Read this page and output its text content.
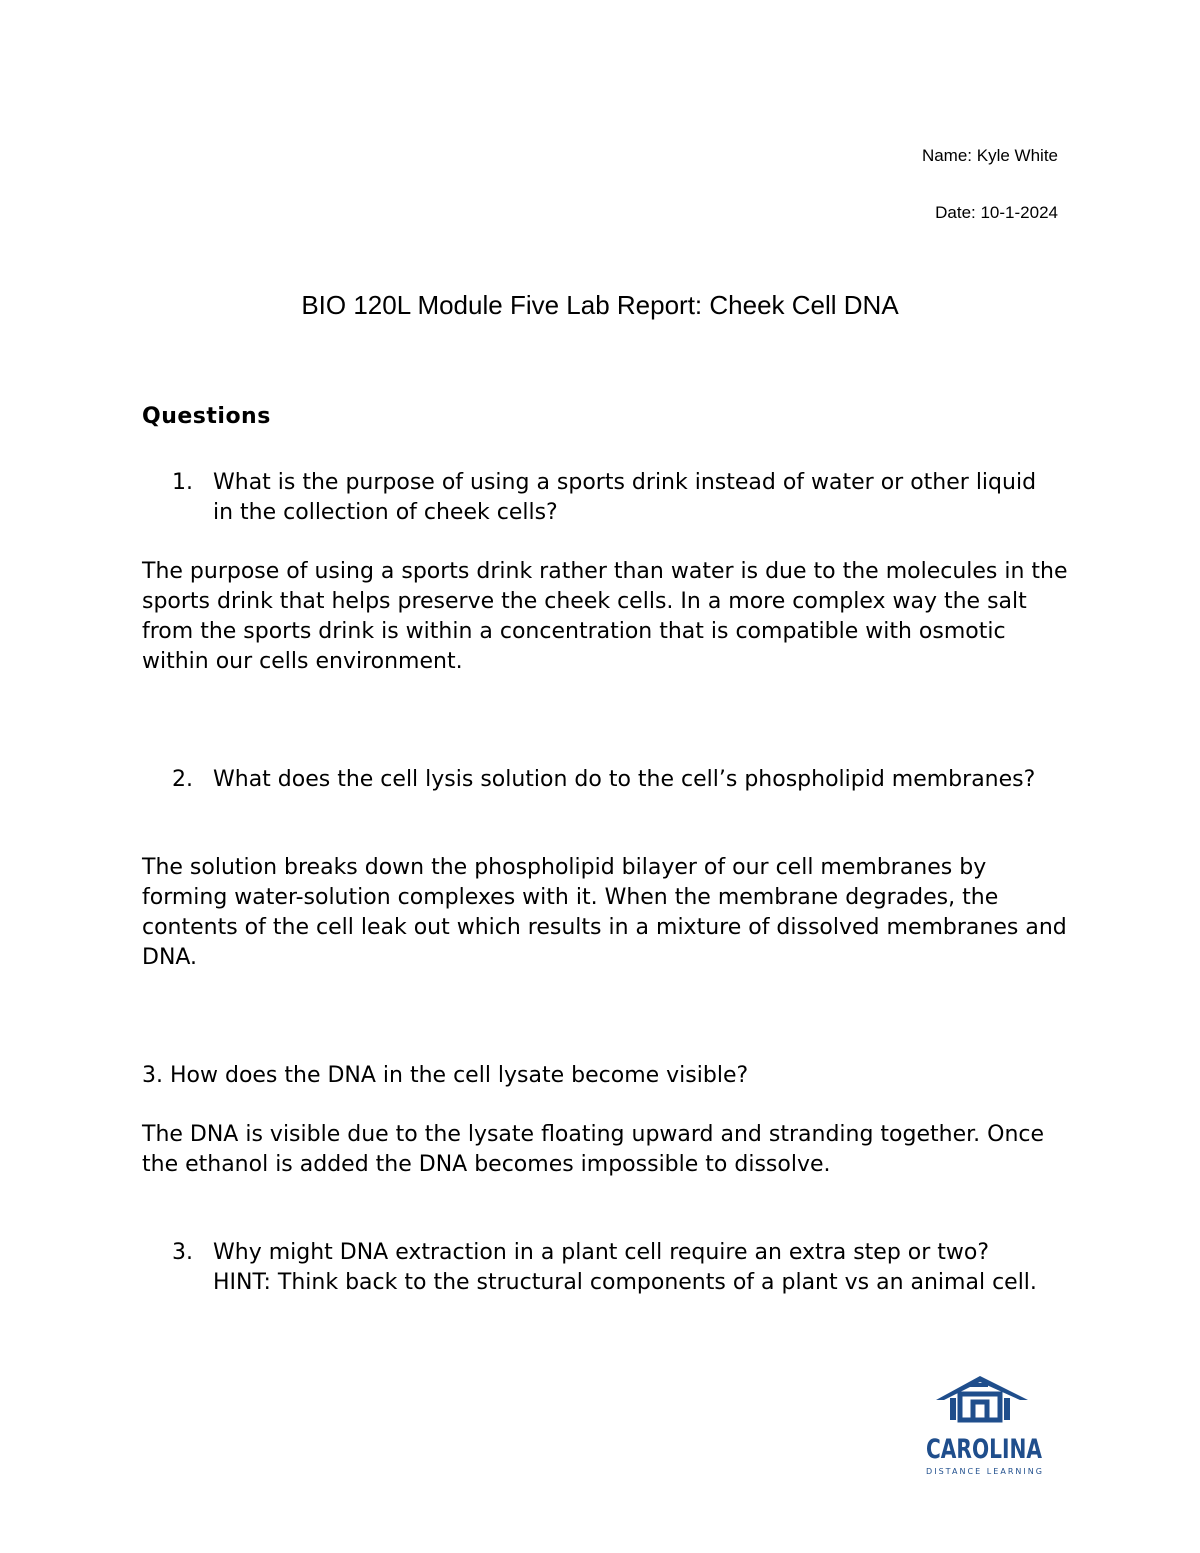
Name: Kyle White
Date: 10-1-2024
BIO 120L Module Five Lab Report: Cheek Cell DNA
Questions
1. What is the purpose of using a sports drink instead of water or other liquid in the collection of cheek cells?

The purpose of using a sports drink rather than water is due to the molecules in the sports drink that helps preserve the cheek cells. In a more complex way the salt from the sports drink is within a concentration that is compatible with osmotic within our cells environment.

2. What does the cell lysis solution do to the cell’s phospholipid membranes?

The solution breaks down the phospholipid bilayer of our cell membranes by forming water-solution complexes with it. When the membrane degrades, the contents of the cell leak out which results in a mixture of dissolved membranes and DNA.

3. How does the DNA in the cell lysate become visible?

The DNA is visible due to the lysate floating upward and stranding together. Once the ethanol is added the DNA becomes impossible to dissolve.

3. Why might DNA extraction in a plant cell require an extra step or two? HINT: Think back to the structural components of a plant vs an animal cell.
CAROLINA
DISTANCE LEARNING
